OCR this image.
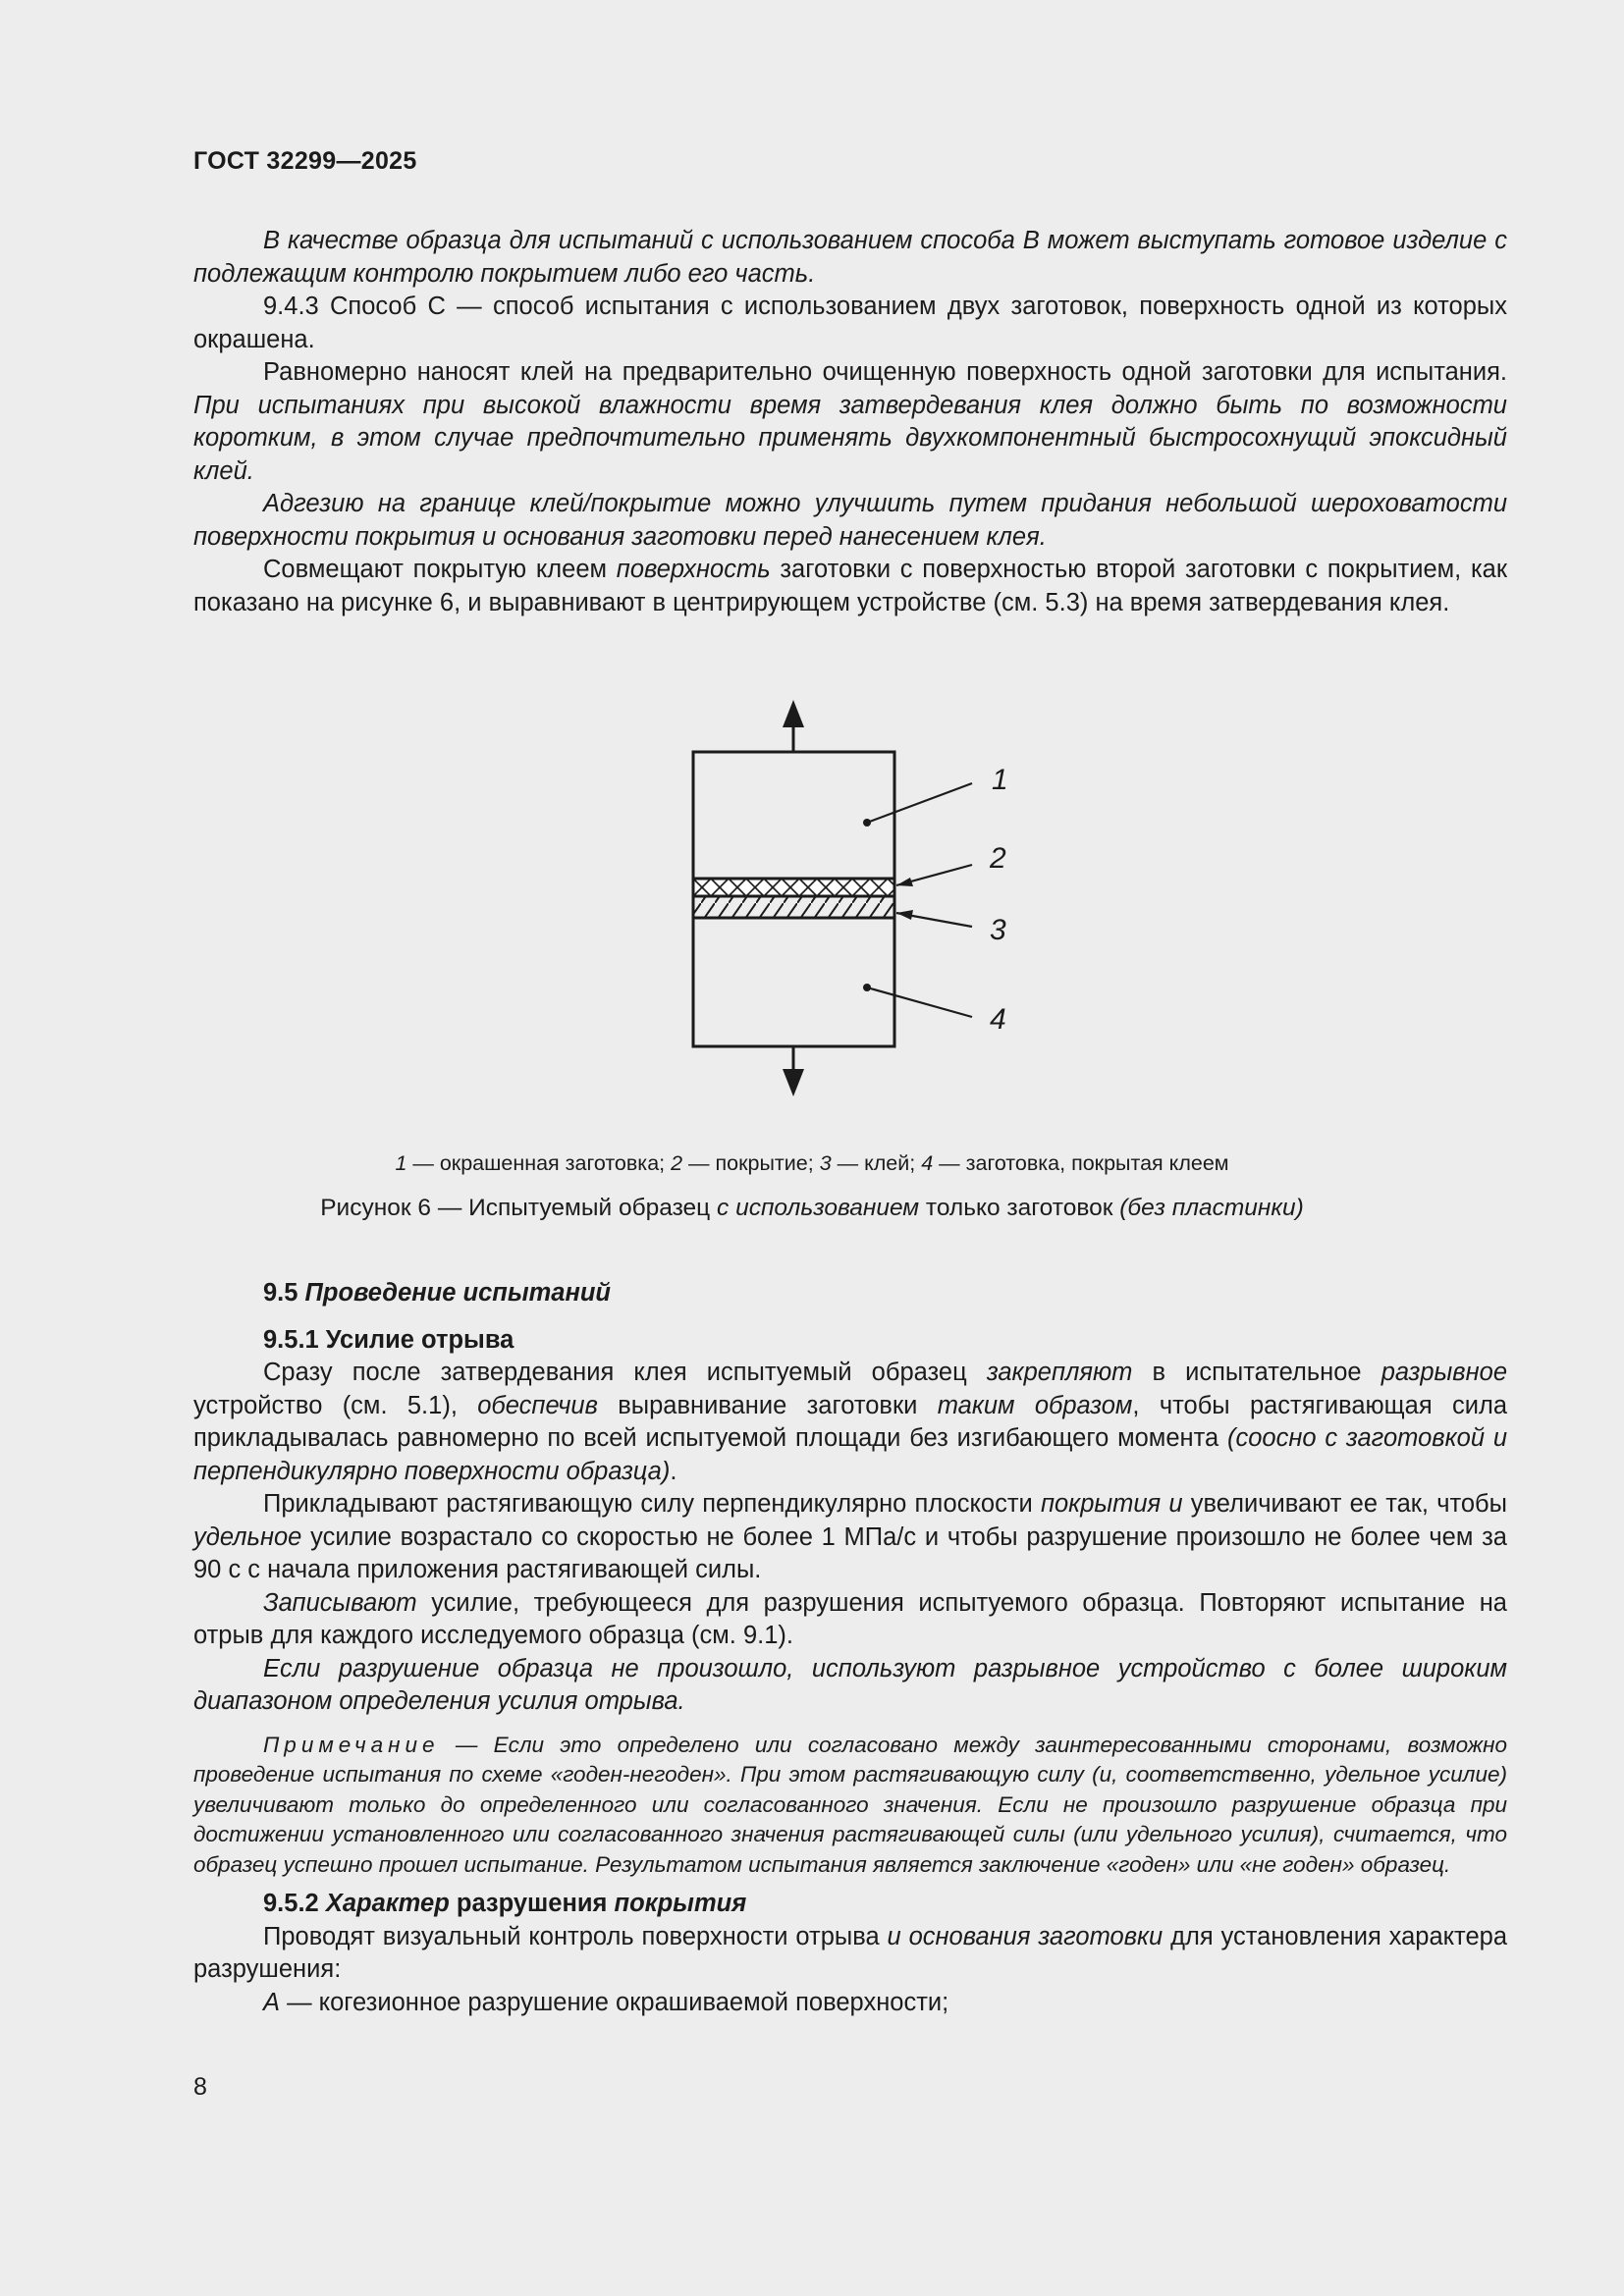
ГОСТ 32299—2025

В качестве образца для испытаний с использованием способа В может выступать готовое изделие с подлежащим контролю покрытием либо его часть.

9.4.3 Способ С — способ испытания с использованием двух заготовок, поверхность одной из которых окрашена.

Равномерно наносят клей на предварительно очищенную поверхность одной заготовки для испытания. При испытаниях при высокой влажности время затвердевания клея должно быть по возможности коротким, в этом случае предпочтительно применять двухкомпонентный быстросохнущий эпоксидный клей.

Адгезию на границе клей/покрытие можно улучшить путем придания небольшой шероховатости поверхности покрытия и основания заготовки перед нанесением клея.

Совмещают покрытую клеем поверхность заготовки с поверхностью второй заготовки с покрытием, как показано на рисунке 6, и выравнивают в центрирующем устройстве (см. 5.3) на время затвердевания клея.

1
2
3
4
1 — окрашенная заготовка; 2 — покрытие; 3 — клей; 4 — заготовка, покрытая клеем
Рисунок 6 — Испытуемый образец с использованием только заготовок (без пластинки)

9.5 Проведение испытаний

9.5.1 Усилие отрыва

Сразу после затвердевания клея испытуемый образец закрепляют в испытательное разрывное устройство (см. 5.1), обеспечив выравнивание заготовки таким образом, чтобы растягивающая сила прикладывалась равномерно по всей испытуемой площади без изгибающего момента (соосно с заготовкой и перпендикулярно поверхности образца).

Прикладывают растягивающую силу перпендикулярно плоскости покрытия и увеличивают ее так, чтобы удельное усилие возрастало со скоростью не более 1 МПа/с и чтобы разрушение произошло не более чем за 90 с с начала приложения растягивающей силы.

Записывают усилие, требующееся для разрушения испытуемого образца. Повторяют испытание на отрыв для каждого исследуемого образца (см. 9.1).

Если разрушение образца не произошло, используют разрывное устройство с более широким диапазоном определения усилия отрыва.

Примечание — Если это определено или согласовано между заинтересованными сторонами, возможно проведение испытания по схеме «годен-негоден». При этом растягивающую силу (и, соответственно, удельное усилие) увеличивают только до определенного или согласованного значения. Если не произошло разрушение образца при достижении установленного или согласованного значения растягивающей силы (или удельного усилия), считается, что образец успешно прошел испытание. Результатом испытания является заключение «годен» или «не годен» образец.

9.5.2 Характер разрушения покрытия

Проводят визуальный контроль поверхности отрыва и основания заготовки для установления характера разрушения:

А — когезионное разрушение окрашиваемой поверхности;

8
